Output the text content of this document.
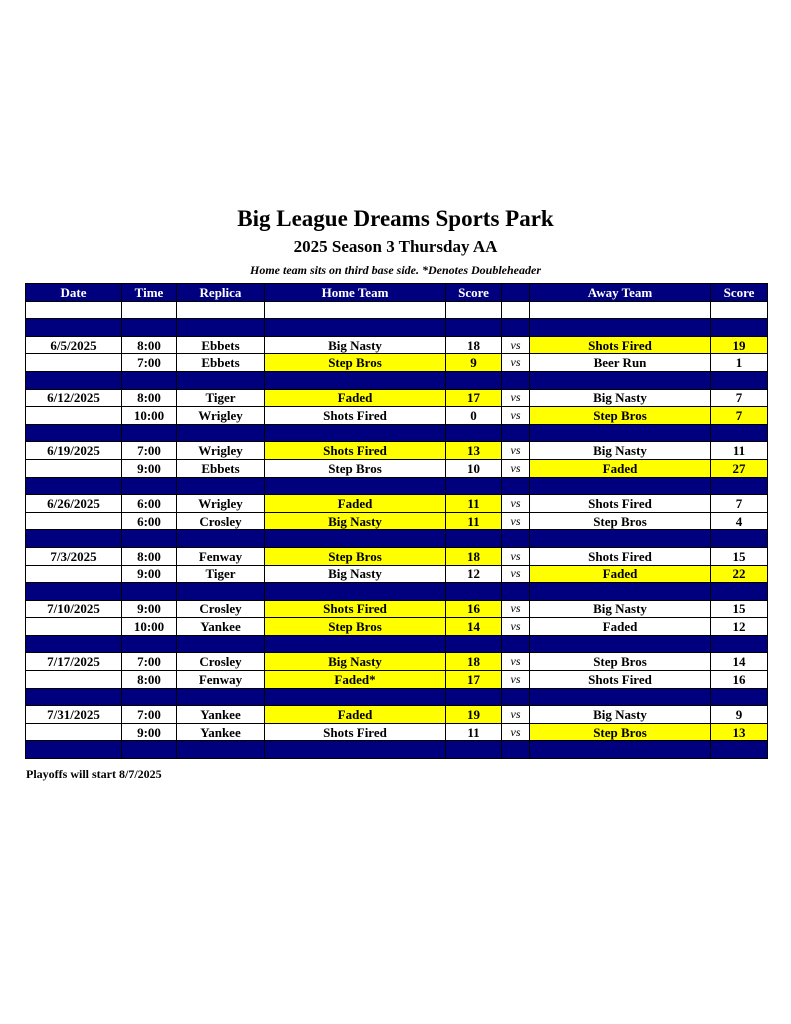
Big League Dreams Sports Park
2025 Season 3 Thursday AA
Home team sits on third base side. *Denotes Doubleheader
Date	Time	Replica	Home Team	Score		Away Team	Score

6/5/2025	8:00	Ebbets	Big Nasty	18	vs	Shots Fired	19
	7:00	Ebbets	Step Bros	9	vs	Beer Run	1

6/12/2025	8:00	Tiger	Faded	17	vs	Big Nasty	7
	10:00	Wrigley	Shots Fired	0	vs	Step Bros	7

6/19/2025	7:00	Wrigley	Shots Fired	13	vs	Big Nasty	11
	9:00	Ebbets	Step Bros	10	vs	Faded	27

6/26/2025	6:00	Wrigley	Faded	11	vs	Shots Fired	7
	6:00	Crosley	Big Nasty	11	vs	Step Bros	4

7/3/2025	8:00	Fenway	Step Bros	18	vs	Shots Fired	15
	9:00	Tiger	Big Nasty	12	vs	Faded	22

7/10/2025	9:00	Crosley	Shots Fired	16	vs	Big Nasty	15
	10:00	Yankee	Step Bros	14	vs	Faded	12

7/17/2025	7:00	Crosley	Big Nasty	18	vs	Step Bros	14
	8:00	Fenway	Faded*	17	vs	Shots Fired	16

7/31/2025	7:00	Yankee	Faded	19	vs	Big Nasty	9
	9:00	Yankee	Shots Fired	11	vs	Step Bros	13

Playoffs will start 8/7/2025
